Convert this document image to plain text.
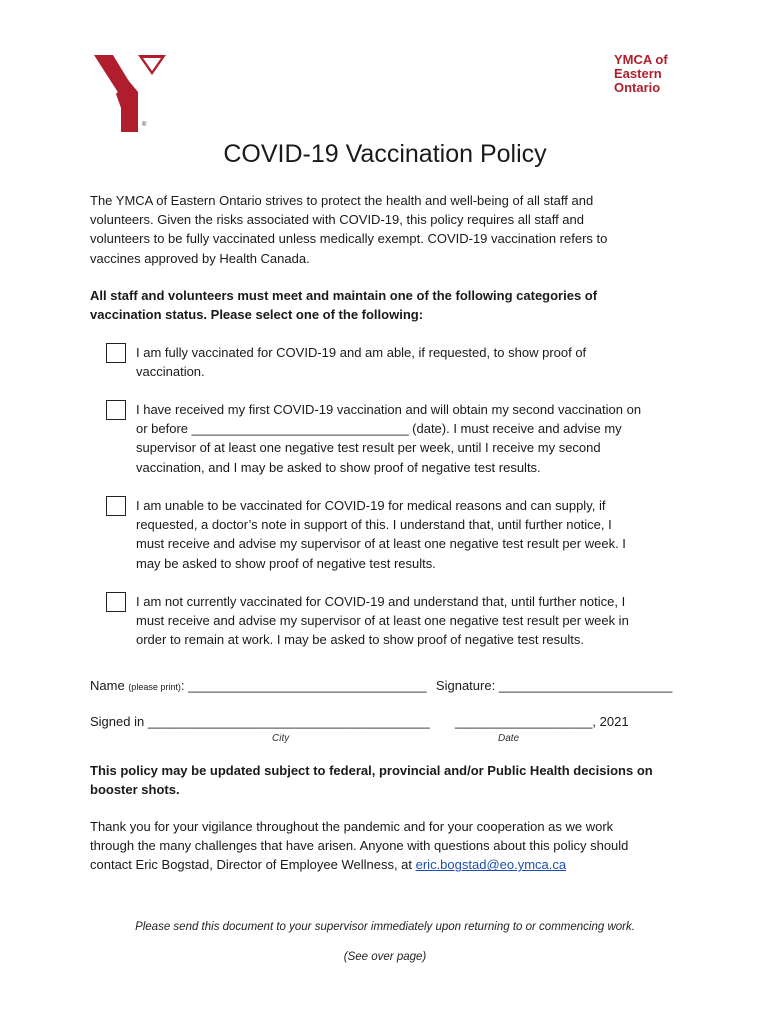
®
YMCA of
Eastern
Ontario
COVID-19 Vaccination Policy
The YMCA of Eastern Ontario strives to protect the health and well-being of all staff and
volunteers. Given the risks associated with COVID-19, this policy requires all staff and
volunteers to be fully vaccinated unless medically exempt. COVID-19 vaccination refers to
vaccines approved by Health Canada.
All staff and volunteers must meet and maintain one of the following categories of
vaccination status. Please select one of the following:
I am fully vaccinated for COVID-19 and am able, if requested, to show proof of
vaccination.
I have received my first COVID-19 vaccination and will obtain my second vaccination on
or before ______________________________ (date). I must receive and advise my
supervisor of at least one negative test result per week, until I receive my second
vaccination, and I may be asked to show proof of negative test results.
I am unable to be vaccinated for COVID-19 for medical reasons and can supply, if
requested, a doctor’s note in support of this. I understand that, until further notice, I
must receive and advise my supervisor of at least one negative test result per week. I
may be asked to show proof of negative test results.
I am not currently vaccinated for COVID-19 and understand that, until further notice, I
must receive and advise my supervisor of at least one negative test result per week in
order to remain at work. I may be asked to show proof of negative test results.
Name (please print): _________________________________ Signature: ________________________
Signed in _______________________________________ ___________________, 2021
City	Date
This policy may be updated subject to federal, provincial and/or Public Health decisions on
booster shots.
Thank you for your vigilance throughout the pandemic and for your cooperation as we work
through the many challenges that have arisen. Anyone with questions about this policy should
contact Eric Bogstad, Director of Employee Wellness, at eric.bogstad@eo.ymca.ca
Please send this document to your supervisor immediately upon returning to or commencing work.
(See over page)
